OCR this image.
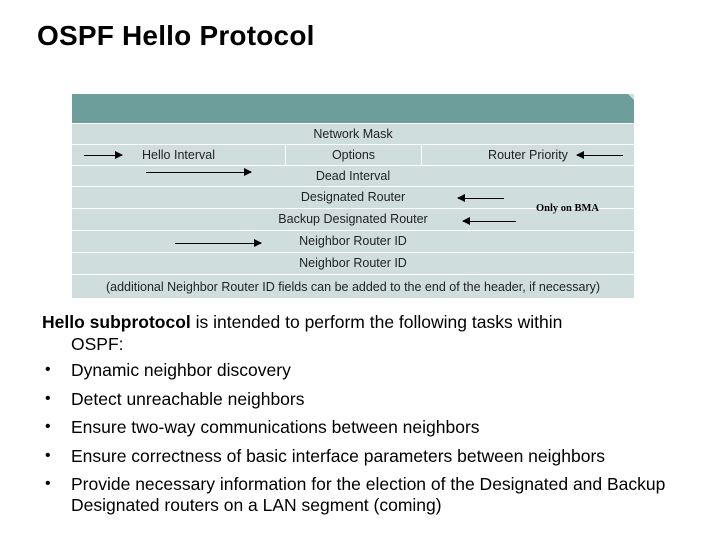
OSPF Hello Protocol
Network Mask
Hello Interval	Options	Router Priority
Dead Interval
Designated Router
Backup Designated Router
Neighbor Router ID
Neighbor Router ID
(additional Neighbor Router ID fields can be added to the end of the header, if necessary)
Only on BMA

Hello subprotocol is intended to perform the following tasks within
OSPF:

• Dynamic neighbor discovery
• Detect unreachable neighbors
• Ensure two-way communications between neighbors
• Ensure correctness of basic interface parameters between neighbors
• Provide necessary information for the election of the Designated and Backup Designated routers on a LAN segment (coming)
